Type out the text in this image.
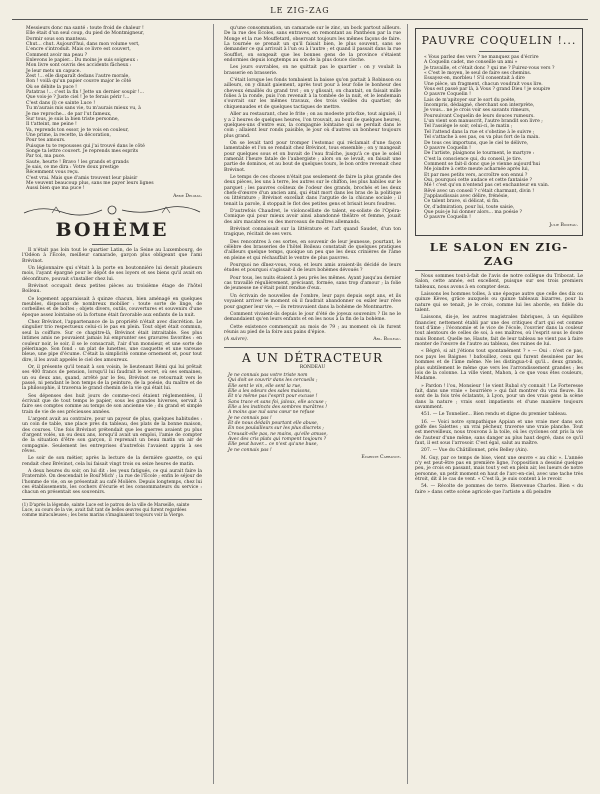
LE ZIG-ZAG
Messieurs donc ma santé : toute froid de chaleur !
Elle était d'un seul coup, du pied de Montmigneur,
Dormir sous son manteau.
Chut... chut. Aujourd'hui, dans mon volume vert,
L'encre s'introduit. Mais ce livre est couvert,
Comment avoir ma peau ?
Enlevons le papier... Du moins je suis soigneux :
Mon livre sont ouvris des accidents fâcheux :
Je leur mets un capuce.
Zest !... elle disparaît dedans l'autre morale,
Bon ! voilà qu'un papier couvre major le côté
Où se débite la puce !
Patatras !... c'est la fin ! Jette un dernier soupir !...
Que vois-je ? Juste ciel ! Je te ferais périr !...
C'est dans (l) ce sainte Luce !
Tu m'aurais mis sans vie, tu m'aurais mieux vu, à
Je me reproche... de par l'ut fameux,
Sur tous, je suis la bien triste personne,
Il t'atteint, me peine !
Va, reprends ton essor, je te vois en couleur,
Une prime, la recette, la décoration,
Pour tes amours.
Puisque tu te repousses qui j'ai trouvé dans le côté
Songe ta lettre couvert. Je reprends mes esprits
Par toi, ma puce.
Saute, heurte ! Bravo ! les grands et grands
Je sais, ce me dira : Votre doux prestige
Récemment vous reçu.
C'est vrai. Mais que d'amis trouvent leur plaisir
Me veuvent beaucoup plus, sans me payer leurs lignes
Aussi bien que ma puce !
Armé Delmas.
BOHÈME

Il n'était pas loin tout le quartier Latin, de la Seine au Luxembourg, de l'Odéon à l'École, meilleur camarade, garçon plus obligeant que l'ami Brévinot.

Un légionnaire qui s'était à la porte en boutonnière lui devait plusieurs mois, l'ayant épargné pour le dépôt de ses loyers et ses biens qu'il avait en déconfiture, pouvait s'installer chez lui.

Brévinot occupait deux petites pièces au troisième étage de l'hôtel Boileau.

Ce logement apparaissait à quinze chacun, bien aménagé en quelques meubles, disposant de nombreux mobilier : toute sorte de linge, de corbeilles et de boîtes ; objets divers, outils, couvertures et souvenirs d'une époque assez lointaine où la fortune était favorable aux enfants de la nuit.

Chez Brévinot, l'appartenance de la propriété n'était avec discrétion. Le singulier trio respectueux celui-ci le pas en plein. Tout objet était commun, seul la coiffure. Sur ce chapitre-là, Brévinot était intraitable. Ses plus intimes amis ne pouvaient jamais lui emprunter ses gravures favorites : en couleur noir, le soir, il se le consacrait, l'air d'un monsieur, et une sorte de pèlerinage. Son fond : un plat de lunettes, une casquette et une vareuse bleue, une pipe d'écume. C'était la simplicité comme ornement et, pour tout dire, il les avait appelés le ciel des amoureux.

Or, il présente qu'il tenait à son voisin, le lieutenant Rémi qui lui prêtait ses 400 francs de pension, lorsqu'il lui faudrait le secret, où ses semaines, un ou deux ans, quand, arrêté par le feu, Brévinot se retournait vers le passé, ni pendant le bon temps de la peinture, de la poésie, du maître et de la philosophie, il traversa le grand chemin de la vie qui était lui.

Ses dépenses des huit jours de comme-ceci étaient réglementées, il écrivait que de tout temps le papier, sous les grandes hiverses, servait à faire ses comptes comme au temps de son ancienne vie ; du grand et simple train de vie de ses précieuses années.

L'argent avait au contraire, pour un payeur de plus, quelques habitudes : un coin de table, une place près du tableau, des plats de la bonne maison, des courses. Une fois Brévinot prétendait que les guerres avaient pu plus d'argent volés, un ou deux ans, lorsqu'il avait un emploi, l'amie de compter de la situation d'être son garçon, il reprenait un beau matin un air de compagnie. Seulement les entreprises d'autrefois l'avaient appris à ses rêves.

Le soir de son métier, après la lecture de la dernière gazette, ce qui rendait chez Brévinot, cela lui faisait vingt trois ou seize heures de matin.

A deux heures du soir, on lui dit : les yeux fatigués, ce qui aurait faire la Fraternité. On descendait le Boul'Mich' ; la rue de l'École ; enfin le séjour de l'homme de vie, on se présentait au café Molière. Depuis longtemps, chez lui ces établissements, les cochers d'écurie et les consommateurs du service : chacun en présentait ses souvenirs.

(1) D'après la légende, sainte Luce est le patron de la ville de Marseille, sainte Luce, au cours de la vie, avait fait tant de belles œuvres qui furent regardées comme miraculeuses ; les bons marins s'imaginaient toujours voir la Vierge.

qu'une consommation, un camarade sur le zinc, un bock partout ailleurs. De la rue des Écoles, sans entraves, en remontant au Panthéon par la rue Monge et la rue Mouffetard, observant toujours les mêmes façons de faire. La tournée se prenait un qu'il faisait bien, le plus souvent, sans se demander ce qui arrivait à l'un ou à l'autre ; et quand il passait dans la rue Soufflot, on songeait que les bonnes gens de la province s'étaient endormies depuis longtemps au son de la plus douce cloche.

Les jours ouvrables, on ne quittait pas le quartier : on y voulait la brasserie en brasserie.

C'était lorsque les fonds tombaient la baisse qu'on partait à Robinson ou ailleurs, on y dinait gaiement, après tout pour à leur folie le bonheur des cheveux émaillés du grand trot ; on y glissait, on chantait, on faisait mille folies à la ronde, puis l'on revenait à la tombée de la nuit, et le lendemain s'ouvrait sur les mêmes travaux, des trois vieilles du quartier, de chiquenaudes et de quelques tactiques de mettre.

Aller au restaurant, chez le frite ; on au modeste prix-fixe, tout aiguisé, il y a 2 heures de quelques heures, l'on trouvait, au bout de quelques heures, quelques-uns d'entre eux, la compagnie lointaine qui se perdait dans le coin ; allaient leur ronds paisible, le jour où d'autres un bonheur toujours plus grand.

On se levait tard pour tromper l'estomac qui réclamait d'une façon lamentable et l'on se rendait chez Brévinot, tous ensemble ; on y mangeait pour quelques sous et on buvait de l'eau fraîche, jusqu'à ce que le soleil ramenât l'heure fatale de l'aubergiste ; alors on se levait, on faisait une partie de dominos, et au bout de quelques tours, le bon ordre revenait chez Brévinot.

Le temps de ces choses n'était pas seulement de faire la plus grande des deux pièces, les uns à terre, les autres sur le chiffon, les plus habiles sur le parquet ; les pauvres coûteux de l'odeur des grands, brochés et les deux chefs-d'œuvre d'un ancien ami, qui était mort dans les bras de la politique ou littérature ; Brévinot excellait dans l'argutie de la chicane sociale ; il tenait la parole, il stoppait le flot des petites gens et brisait leurs foudres.

D'autrefois Chaudret, le violoncelliste de talent, ex-soliste de l'Opéra-Comique qui pour mieux avoir ainsi abandonné théâtre et femme, jouait des airs macabres ou des morceaux de maîtres allemands.

Brévinot connaissait sur la littérature et l'art quand Saudet, d'un ton tragique, récitait de ses vers.

Des rencontres à ces sortes, en souvenir de leur jeunesse, pourtant, le célèbre des brasseries de l'hôtel Boileau constatait de quelques pratiques d'ailleurs quelque temps, quoique un peu que les deux crinières de l'âme en pleine et qui réchauffait le ventre de plus pauvres.

Pourquoi ne dînez-vous, vous, et leurs amis avaient-ils décidé de leurs études et pourquoi s'agissait-il de leurs bohèmes dévoués ?

Pour tous, les nuits étaient à peu près les mêmes. Ayant jusqu'au dernier cas travaillé régulièrement, précisant, formée, sans trop d'amour ; la folie de jeunesse ne s'était point rendue d'eux.

Un écrivain de nouvelles de l'ombre, leur pays depuis sept ans, et ils voyaient arriver le moment où il faudrait abandonner ou exiler leur rêve pour gagner leur vie, — ils retrouvaient dans la bohème de Montmartre.

Comment vivaient-ils depuis le jour d'été de joyeux souvenirs ? Ils ne le demandaient qu'en leurs enfants et en les nous à la fin de la bohème.

Cette existence commençait au mois de 79 ; au moment où ils furent réunis au pied de la foire aux pains d'épice.

(A suivre).	Abl. Boileau.
A UN DÉTRACTEUR
RONDEAU
Je ne connais pas votre triste nom
Qui doit se couvrir dans les cercueils ;
Elle sent le vin, elle sent la rue,
Elle a les odeurs des sales maisons,
Et n'a même pas l'esprit pour excuse !
Sans trace et sans foi, jaloux, elle accuse ;
Elle a les instincts des sombres marâtres !
A moins que nul sans cœur ne refuse
Je ne connais pas !
Et de nous dédaïn pourtant elle abuse,
En nos poulailleurs sur les plus discrets ;
Creusait-elle pas, ne mains, qu'elle amuse,
Avec des cris plats qui rompent toujours ?
Elle peut baver... ce n'est qu'une buse,
Je ne connais pas !
Evariste Carrance.
PAUVRE COQUELIN !...
« Vous parlez des vers ? ne manquez pas d'écrire
A Coquelin cadet, me conseille un ami »
Je travaille, et c'était donc ? qui me ? Fuirez-vous vers ?
« C'est le moyen, le seul de faire ses chemins.
Essayez-en, morbleu ! S'il consentait à dire
Une pièce, un fragment, chacun voudrait vous lire.
Vous est passé par là, à Vous ? grand Dieu ! je soupire
O pauvre Coquelin !
Lais de m'apitoyer sur le sort du poète,
Incompris, dédaigné, cherchant son interprète,
Je vous... ne je crois voir ses savants rimeurs,
Poursuivant Coquelin de leurs douces rumeurs.
L'un vient son manuscrit, l'autre brandit son livre ;
Tel l'assiège le soir, celui-ci, le matin ;
Tel l'attend dans la rue et s'obstine à le suivre ;
Tel s'attache à ses pas, ou va plus fort de la main.
De tous ces importuns, que le ciel te délivre,
O pauvre Coquelin !
De l'artiste, plaignons le tourment, le martyre :
C'est la conscience qui, du conseil, je tire.
Comment se fait-il donc que je vienne aujourd'hui
Me joindre à cette meute acharnée après lui,
Et par mes petits vers, accroître son ennui ?
Oui, pourquoi cette audace et cette fantaisie ?
Mé ! c'est qu'on n'entend pas cet enchanteur en vain.
Rêvé avec un conseil ? c'était charmant, divin !
J'applaudissais avec délire, frénésie,
Ce talent brave, si délicat, si fin.
Or, d'admiration, pour lui, toute saisie,
Que puis-je lui donner alors... ma poésie ?
O pauvre Coquelin !
Julie Boizeau.
LE SALON EN ZIG-ZAG

Nous sommes tout-à-fait de l'avis de notre collègue du Tribocat. Le Salon, cette année, est excellent, puisque sur ses trois premiers tableaux, nous avons à en compter deux.

Laissons les hommes tolles, à une époque autre que celle des dix ou quinze Kèves, grâce auxquels ou quinze tableaux bizarres, pour la nature qui se tenait, je le crois, comme lui les aborde, en fidèle du talent.

Laissons, dis-je, les autres magistrales fabriques, à un équilibre financier, nettement établi par une des critiques d'art qui est comme tout d'âme ; l'économie et le vice de l'école, l'ouvrier dans la couleur tout alentours de celles de soi, à ses maîtres, où l'esprit sous le doute mais Bonnot. Quelle ne, Haute, fait de leur tableau ne vient pas à faire monter de l'œuvre de l'autre au tableau, des ruines de lui.

« Bégré, si ait j'étions tout spontanément ? » — Oui : n'est ce pas, nos pays les Baignes ! bafouillez, ceux qui furent dessinées par les hommes et de l'âme même. Ne les distingua-t-il qu'il... deux grands, plus subtilement le même que vers les l'arrondissement grandes ; les lois de la colonne. La ville vient, Mahon, à ce que vous êtes couleurs, Madame.

» Pardon ! l'ou, Monsieur ! le vient Rubal s'y connait ! Le Forteresse fait, dans une vraie « bourrière » qui fait montrer du vrai fleuve. Ils sont de la fois très éclatants, à Lyon, pour un des vrais gens la scène dans la nature ; vrais sont impatients et d'une manière toujours savamment.

451. — Le Tonnelier... Bien rendu et digne du premier tableau.

16. — Voici notre sympathique Appian et une vraie mer dans son golfe des Salettes ; un vrai pêcheur, traverse une vraie planche. Tout est merveilleux, nous trouvons à la toile, où les cyclones ont pris la vie de l'auteur d'une même, sans danger au plus haut degré, dans ce qu'il faut, il est sous l'arrosoir. C'est égal, salut au maître.

207. — Vue du Châtillonnet, près Belley (Ain).

M. Guy, par ce temps de bise, vient une œuvre « au chic ». L'année n'y est peut-être pas en première ligne, l'opposition a dessiné quelque peu, je crois en passant, mais tout y est en plein air, les lueurs de notre personne, un petit moment en haut de l'arc-en-ciel, avec une tache très étroit, dit il le cas de vent. « C'est là, je suis content à le revoir.

54. — Récolte de pommes de terre. Bienvenue Charles. Bien « du faire » dans cette scène agricole que l'artiste a dû peindre
